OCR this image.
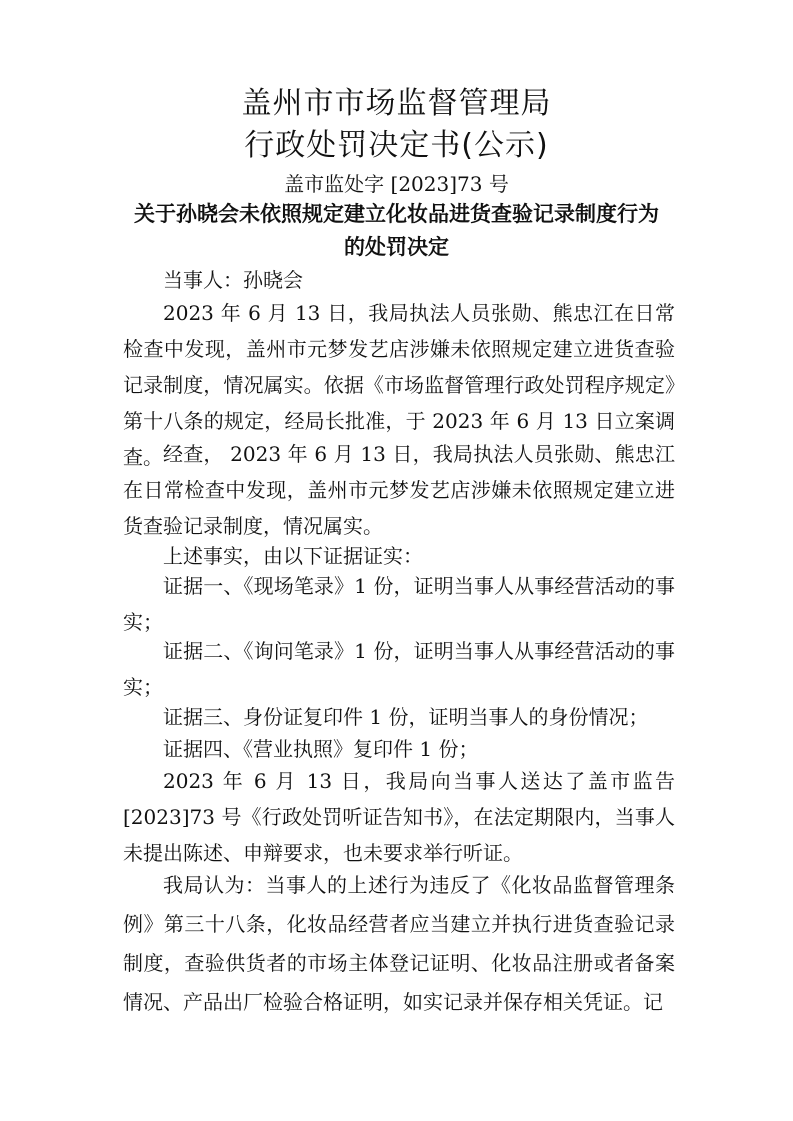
盖州市市场监督管理局
行政处罚决定书(公示)
盖市监处字 [2023]73 号
关于孙晓会未依照规定建立化妆品进货查验记录制度行为
的处罚决定

当事人：孙晓会

2023 年 6 月 13 日，我局执法人员张勋、熊忠江在日常检查中发现，盖州市元梦发艺店涉嫌未依照规定建立进货查验记录制度，情况属实。依据《市场监督管理行政处罚程序规定》第十八条的规定，经局长批准，于 2023 年 6 月 13 日立案调查。 经查， 2023 年 6 月 13 日，我局执法人员张勋、熊忠江在日常检查中发现，盖州市元梦发艺店涉嫌未依照规定建立进货查验记录制度，情况属实。

上述事实，由以下证据证实：

证据一、《现场笔录》1 份，证明当事人从事经营活动的事实；

证据二、《询问笔录》1 份，证明当事人从事经营活动的事实；

证据三、身份证复印件 1 份，证明当事人的身份情况；

证据四、《营业执照》复印件 1 份；

2023 年 6 月 13 日，我局向当事人送达了盖市监告[2023]73 号《行政处罚听证告知书》，在法定期限内，当事人未提出陈述、申辩要求，也未要求举行听证。

我局认为：当事人的上述行为违反了《化妆品监督管理条例》第三十八条，化妆品经营者应当建立并执行进货查验记录制度，查验供货者的市场主体登记证明、化妆品注册或者备案情况、产品出厂检验合格证明，如实记录并保存相关凭证。记
